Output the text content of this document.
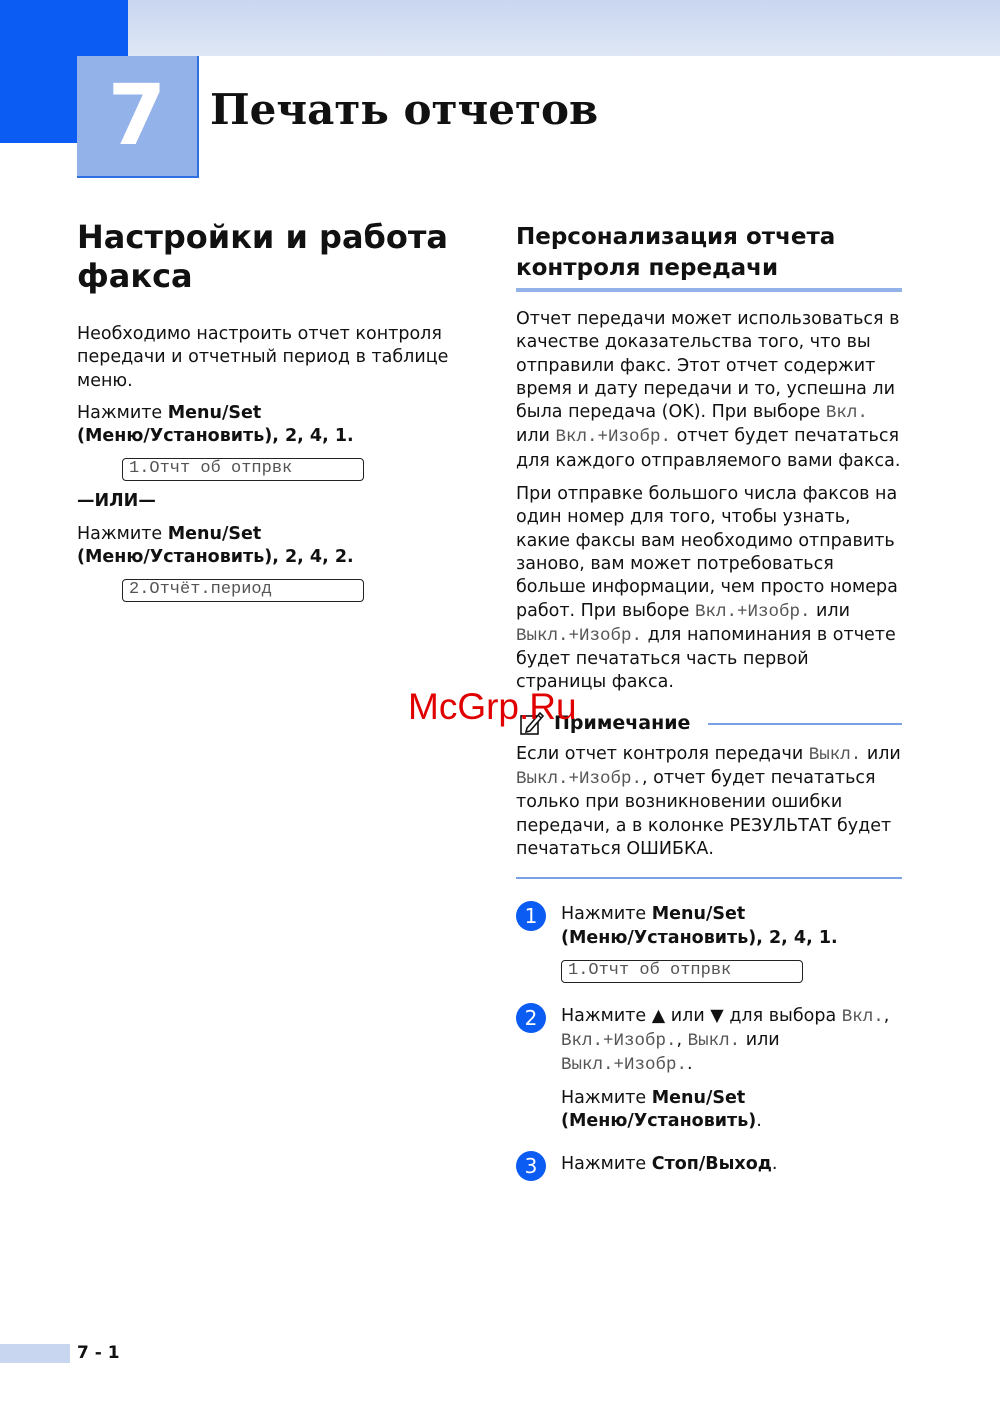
7	Печать отчетов
Настройки и работа факса

Необходимо настроить отчет контроля передачи и отчетный период в таблице меню.

Нажмите Menu/Set
(Меню/Установить), 2, 4, 1.

1.Отчт об отпрвк

—ИЛИ—

Нажмите Menu/Set
(Меню/Установить), 2, 4, 2.

2.Отчёт.период
Персонализация отчета контроля передачи

Отчет передачи может использоваться в качестве доказательства того, что вы отправили факс. Этот отчет содержит время и дату передачи и то, успешна ли была передача (OK). При выборе Вкл. или Вкл.+Изобр. отчет будет печататься для каждого отправляемого вами факса.

При отправке большого числа факсов на один номер для того, чтобы узнать, какие факсы вам необходимо отправить заново, вам может потребоваться больше информации, чем просто номера работ. При выборе Вкл.+Изобр. или Выкл.+Изобр. для напоминания в отчете будет печататься часть первой страницы факса.

Примечание

Если отчет контроля передачи Выкл. или Выкл.+Изобр., отчет будет печататься только при возникновении ошибки передачи, а в колонке РЕЗУЛЬТАТ будет печататься ОШИБКА.

1	Нажмите Menu/Set
(Меню/Установить), 2, 4, 1.

1.Отчт об отпрвк
2	Нажмите ▲ или ▼ для выбора Вкл., Вкл.+Изобр., Выкл. или Выкл.+Изобр..

Нажмите Menu/Set
(Меню/Установить).

3	Нажмите Стоп/Выход.

McGrp.Ru
7 - 1
